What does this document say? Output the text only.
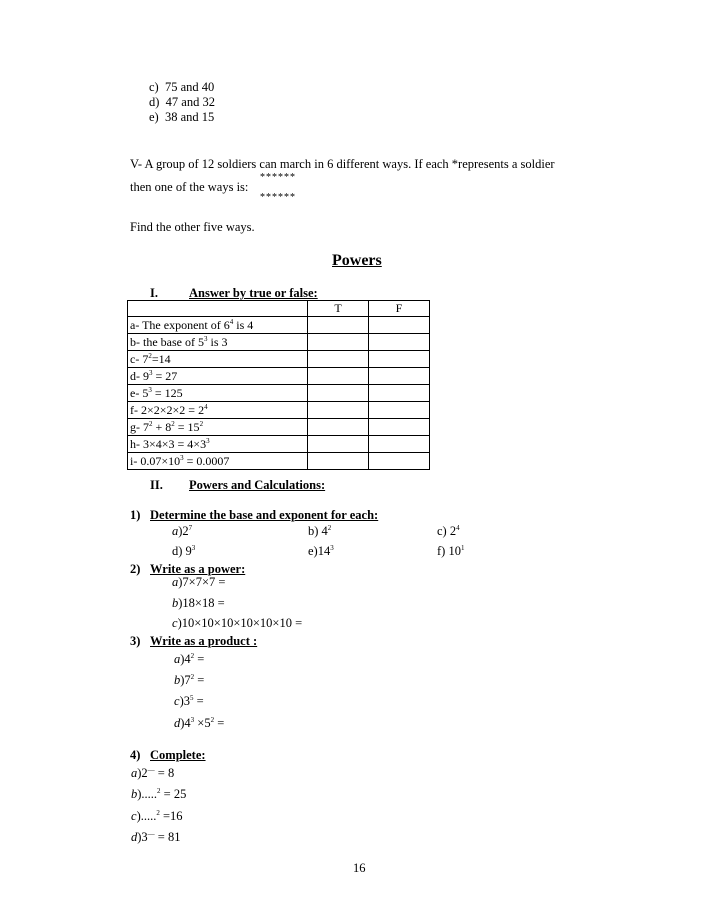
c) 75 and 40
d) 47 and 32
e) 38 and 15
V- A group of 12 soldiers can march in 6 different ways. If each *represents a soldier
******
then one of the ways is:
******
Find the other five ways.
Powers
I. Answer by true or false:
	T	F
a- The exponent of $6^4$ is 4		
b- the base of $5^3$ is 3		
c- $7^2=14$		
d- $9^3 = 27$		
e- $5^3 = 125$		
f- $2\times 2\times 2\times 2 = 2^4$		
g- $7^2 + 8^2 = 15^2$		
h- $3\times 4\times 3 = 4\times 3^3$		
i- $0.07\times 10^3 = 0.0007$		
II. Powers and Calculations:
1) Determine the base and exponent for each:
$a)2^7$	b) $4^2$	c) $2^4$
d) $9^3$	$e)14^3$	f) $10^1$
2) Write as a power:
a)7×7×7 =
b)18×18 =
c)10×10×10×10×10×10 =
3) Write as a product :
$a)4^2$ =
$b)7^2$ =
$c)3^5$ =
$d)4^3 \times 5^2$ =
4) Complete:
a)2— = 8
b).....$^2$ = 25
c).....$^2$ =16
d)3— = 81
16
